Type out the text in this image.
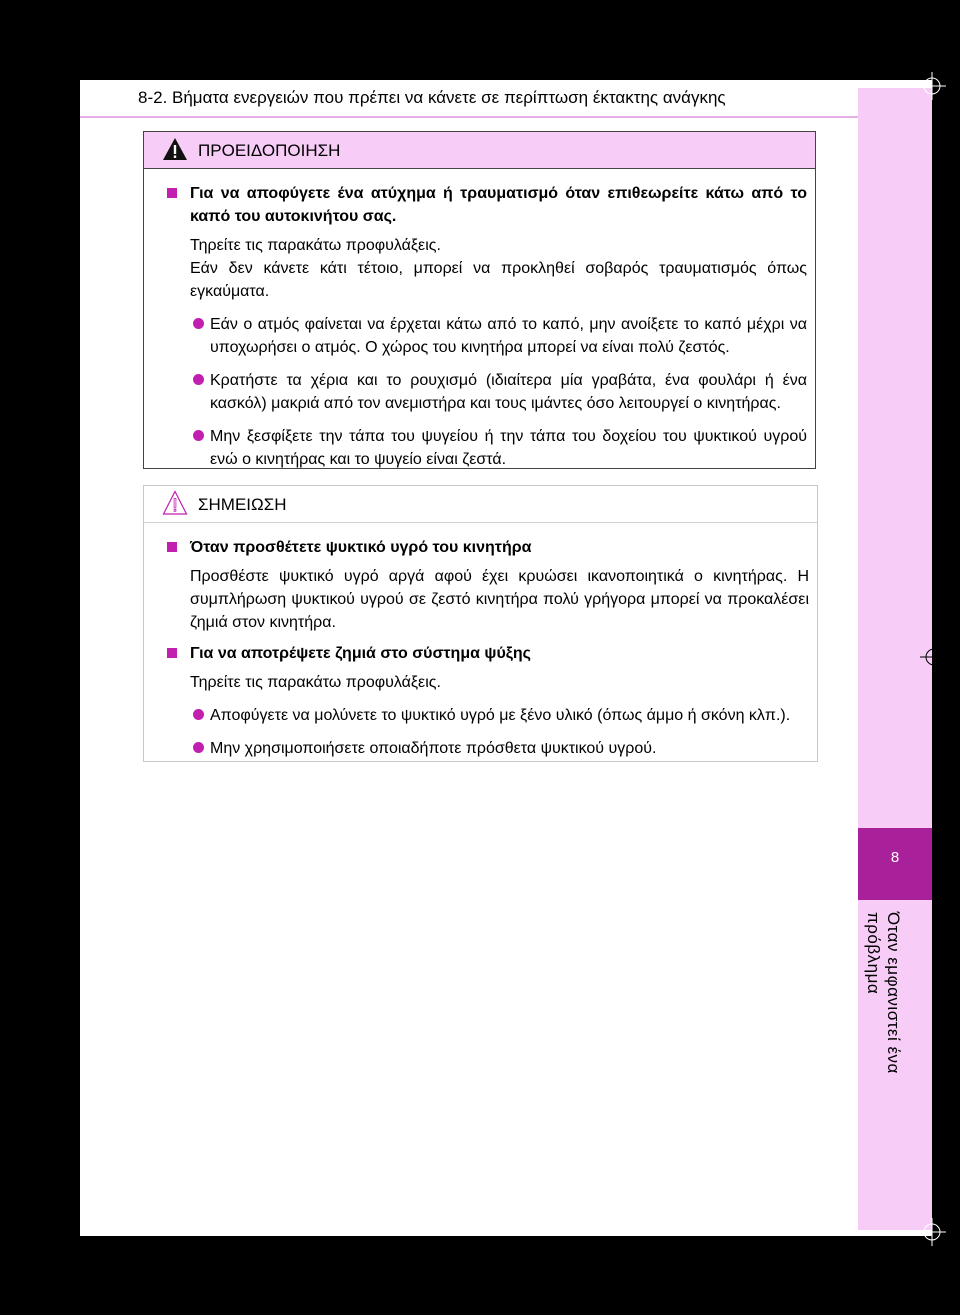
8-2. Βήματα ενεργειών που πρέπει να κάνετε σε περίπτωση έκτακτης ανάγκης
8
Όταν εμφανιστεί ένα πρόβλημα
ΠΡΟΕΙΔΟΠΟΙΗΣΗ
Για να αποφύγετε ένα ατύχημα ή τραυματισμό όταν επιθεωρείτε κάτω από το καπό του αυτοκινήτου σας.
Τηρείτε τις παρακάτω προφυλάξεις.
Εάν δεν κάνετε κάτι τέτοιο, μπορεί να προκληθεί σοβαρός τραυματισμός όπως εγκαύματα.
Εάν ο ατμός φαίνεται να έρχεται κάτω από το καπό, μην ανοίξετε το καπό μέχρι να υποχωρήσει ο ατμός. Ο χώρος του κινητήρα μπορεί να είναι πολύ ζεστός.
Κρατήστε τα χέρια και το ρουχισμό (ιδιαίτερα μία γραβάτα, ένα φουλάρι ή ένα κασκόλ) μακριά από τον ανεμιστήρα και τους ιμάντες όσο λειτουργεί ο κινητήρας.
Μην ξεσφίξετε την τάπα του ψυγείου ή την τάπα του δοχείου του ψυκτικού υγρού ενώ ο κινητήρας και το ψυγείο είναι ζεστά.
ΣΗΜΕΙΩΣΗ
Όταν προσθέτετε ψυκτικό υγρό του κινητήρα
Προσθέστε ψυκτικό υγρό αργά αφού έχει κρυώσει ικανοποιητικά ο κινητήρας. Η συμπλήρωση ψυκτικού υγρού σε ζεστό κινητήρα πολύ γρήγορα μπορεί να προκαλέσει ζημιά στον κινητήρα.
Για να αποτρέψετε ζημιά στο σύστημα ψύξης
Τηρείτε τις παρακάτω προφυλάξεις.
Αποφύγετε να μολύνετε το ψυκτικό υγρό με ξένο υλικό (όπως άμμο ή σκόνη κλπ.).
Μην χρησιμοποιήσετε οποιαδήποτε πρόσθετα ψυκτικού υγρού.
